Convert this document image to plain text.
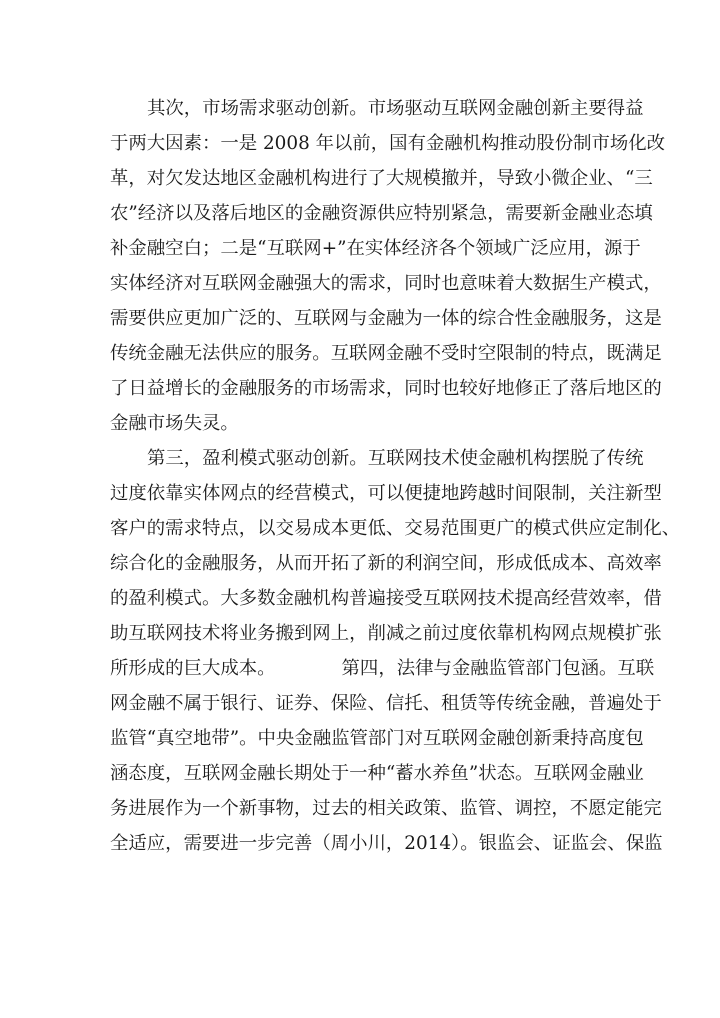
其次，市场需求驱动创新。市场驱动互联网金融创新主要得益
于两大因素：一是 2008 年以前，国有金融机构推动股份制市场化改
革，对欠发达地区金融机构进行了大规模撤并，导致小微企业、“三
农”经济以及落后地区的金融资源供应特别紧急，需要新金融业态填
补金融空白；二是“互联网+”在实体经济各个领域广泛应用，源于
实体经济对互联网金融强大的需求，同时也意味着大数据生产模式，
需要供应更加广泛的、互联网与金融为一体的综合性金融服务，这是
传统金融无法供应的服务。互联网金融不受时空限制的特点，既满足
了日益增长的金融服务的市场需求，同时也较好地修正了落后地区的
金融市场失灵。
第三，盈利模式驱动创新。互联网技术使金融机构摆脱了传统
过度依靠实体网点的经营模式，可以便捷地跨越时间限制，关注新型
客户的需求特点，以交易成本更低、交易范围更广的模式供应定制化、
综合化的金融服务，从而开拓了新的利润空间，形成低成本、高效率
的盈利模式。大多数金融机构普遍接受互联网技术提高经营效率，借
助互联网技术将业务搬到网上，削减之前过度依靠机构网点规模扩张
所形成的巨大成本。	第四，法律与金融监管部门包涵。互联
网金融不属于银行、证券、保险、信托、租赁等传统金融，普遍处于
监管“真空地带”。中央金融监管部门对互联网金融创新秉持高度包
涵态度，互联网金融长期处于一种“蓄水养鱼”状态。互联网金融业
务进展作为一个新事物，过去的相关政策、监管、调控，不愿定能完
全适应，需要进一步完善（周小川，2014）。银监会、证监会、保监
